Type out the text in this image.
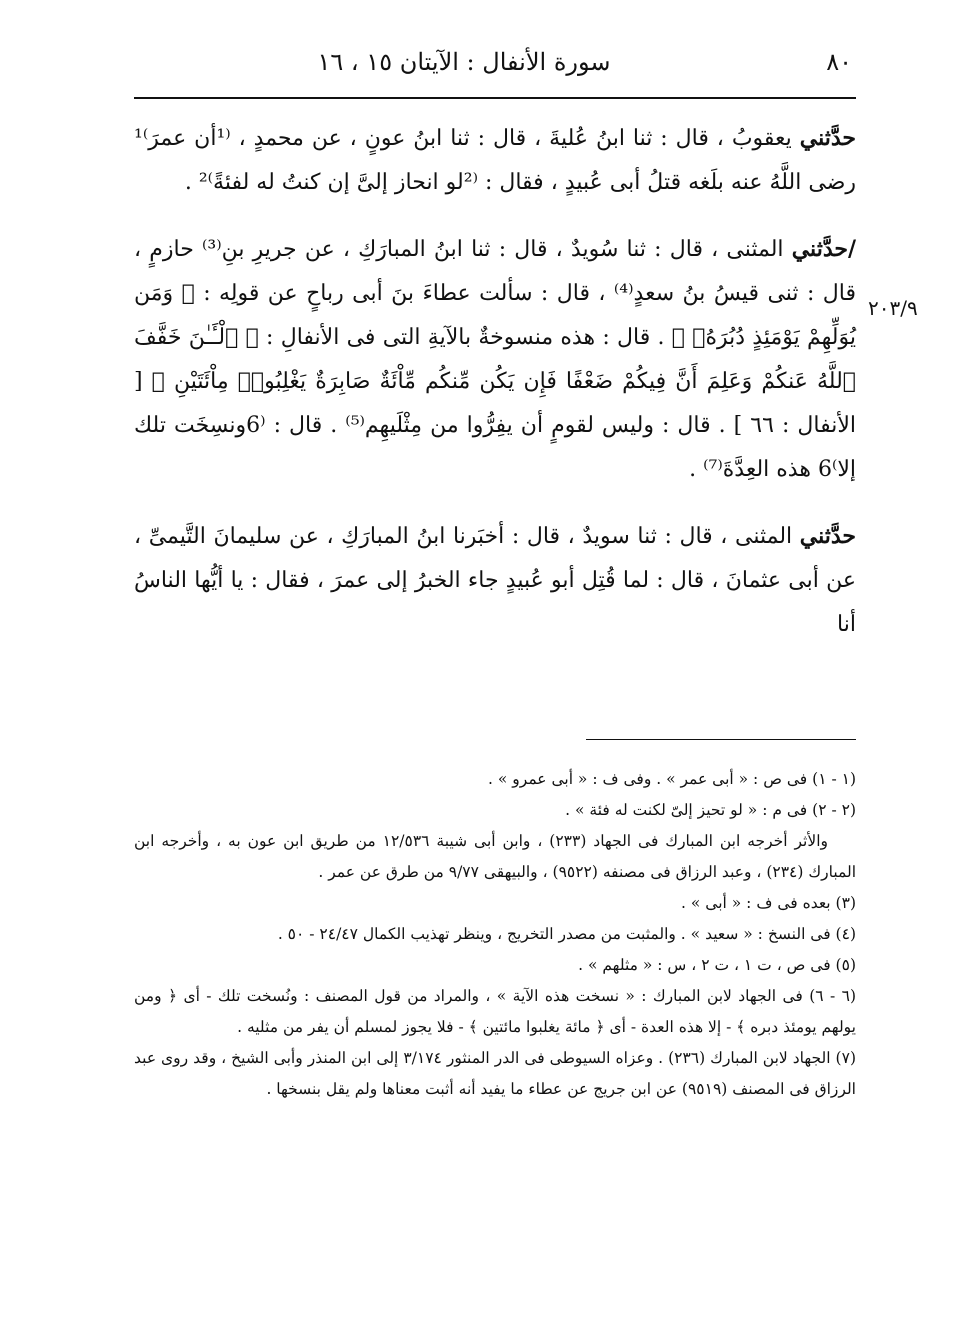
٨٠
سورة الأنفال : الآيتان ١٥ ، ١٦
٢٠٣/٩

حدَّثني يعقوبُ ، قال : ثنا ابنُ عُليةَ ، قال : ثنا ابنُ عونٍ ، عن محمدٍ ، ⁽¹أن عمرَ⁾¹ رضى اللَّهُ عنه بلَغه قتلُ أبى عُبيدٍ ، فقال : ⁽²لو انحاز إلىَّ إن كنتُ له لفئةً⁾² .

/حدَّثني المثنى ، قال : ثنا سُويدٌ ، قال : ثنا ابنُ المبارَكِ ، عن جريرِ بنِ⁽³⁾ حازمٍ ، قال : ثنى قيسُ بنُ سعدٍ⁽⁴⁾ ، قال : سألت عطاءَ بنَ أبى رباحٍ عن قولِه : ﴿ وَمَن يُوَلِّهِمْ يَوْمَئِذٍ دُبُرَهُۥ ﴾ . قال : هذه منسوخةٌ بالآيةِ التى فى الأنفالِ : ﴿ ٱلْـَٔـٰنَ خَفَّفَ ٱللَّهُ عَنكُمْ وَعَلِمَ أَنَّ فِيكُمْ ضَعْفًا فَإِن يَكُن مِّنكُم مِّاْئَةٌ صَابِرَةٌ يَغْلِبُوا۟ مِاْئَتَيْنِ ﴾ [ الأنفال : ٦٦ ] . قال : وليس لقومٍ أن يفِرُّوا من مِثْلَيهِم⁽⁵⁾ . قال : ⁽6ونسِخَت تلك إلا⁾6 هذه العِدَّةَ⁽⁷⁾ .

حدَّثني المثنى ، قال : ثنا سويدٌ ، قال : أخبَرنا ابنُ المبارَكِ ، عن سليمانَ التَّيمىِّ ، عن أبى عثمانَ ، قال : لما قُتِل أبو عُبيدٍ جاء الخبرُ إلى عمرَ ، فقال : يا أيُّها الناسُ أنا

(١ - ١) فى ص : « أبى عمر » . وفى ف : « أبى عمرو » .

(٢ - ٢) فى م : « لو تحيز إلىّ لكنت له فئة » .

والأثر أخرجه ابن المبارك فى الجهاد (٢٣٣) ، وابن أبى شيبة ١٢/٥٣٦ من طريق ابن عون به ، وأخرجه ابن المبارك (٢٣٤) ، وعبد الرزاق فى مصنفه (٩٥٢٢) ، والبيهقى ٩/٧٧ من طرق عن عمر .

(٣) بعده فى ف : « أبى » .

(٤) فى النسخ : « سعيد » . والمثبت من مصدر التخريج ، وينظر تهذيب الكمال ٢٤/٤٧ - ٥٠ .

(٥) فى ص ، ت ١ ، ت ٢ ، س : « مثلهم » .

(٦ - ٦) فى الجهاد لابن المبارك : « نسخت هذه الآية » ، والمراد من قول المصنف : ونُسخت تلك - أى ﴿ ومن يولهم يومئذ دبره ﴾ - إلا هذه العدة - أى ﴿ مائة يغلبوا مائتين ﴾ - فلا يجوز لمسلم أن يفر من مثليه .

(٧) الجهاد لابن المبارك (٢٣٦) . وعزاه السيوطى فى الدر المنثور ٣/١٧٤ إلى ابن المنذر وأبى الشيخ ، وقد روى عبد الرزاق فى المصنف (٩٥١٩) عن ابن جريج عن عطاء ما يفيد أنه أثبت معناها ولم يقل بنسخها .
